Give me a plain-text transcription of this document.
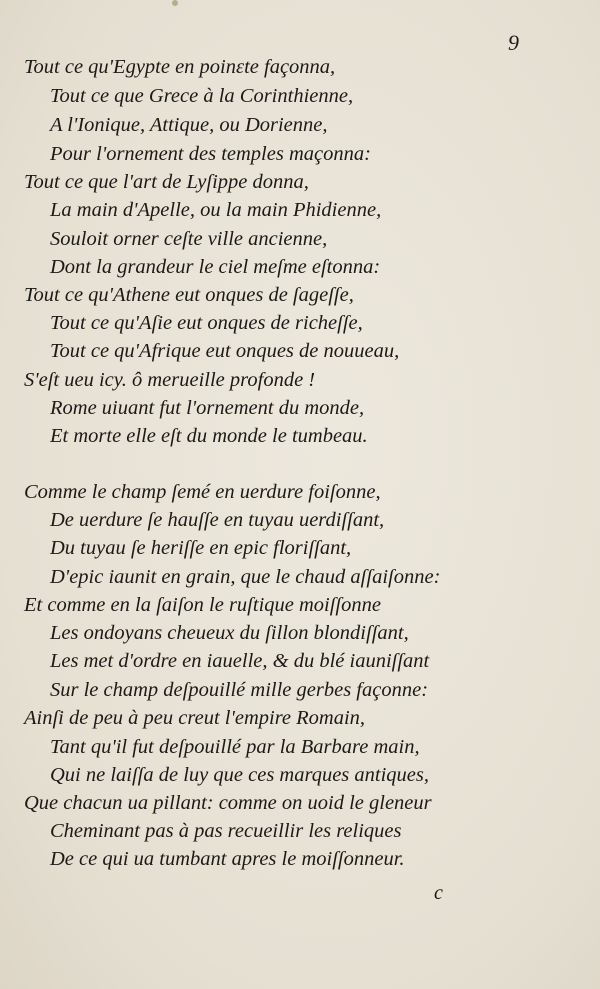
9
Tout ce qu'Egypte en poinɛte façonna,
Tout ce que Grece à la Corinthienne,
A l'Ionique, Attique, ou Dorienne,
Pour l'ornement des temples maçonna:
Tout ce que l'art de Lyſippe donna,
La main d'Apelle, ou la main Phidienne,
Souloit orner ceſte ville ancienne,
Dont la grandeur le ciel meſme eſtonna:
Tout ce qu'Athene eut onques de ſageſſe,
Tout ce qu'Aſie eut onques de richeſſe,
Tout ce qu'Afrique eut onques de nouueau,
S'eſt ueu icy. ô merueille profonde !
Rome uiuant fut l'ornement du monde,
Et morte elle eſt du monde le tumbeau.
Comme le champ ſemé en uerdure foiſonne,
De uerdure ſe hauſſe en tuyau uerdiſſant,
Du tuyau ſe heriſſe en epic floriſſant,
D'epic iaunit en grain, que le chaud aſſaiſonne:
Et comme en la ſaiſon le ruſtique moiſſonne
Les ondoyans cheueux du ſillon blondiſſant,
Les met d'ordre en iauelle, & du blé iauniſſant
Sur le champ deſpouillé mille gerbes façonne:
Ainſi de peu à peu creut l'empire Romain,
Tant qu'il fut deſpouillé par la Barbare main,
Qui ne laiſſa de luy que ces marques antiques,
Que chacun ua pillant: comme on uoid le gleneur
Cheminant pas à pas recueillir les reliques
De ce qui ua tumbant apres le moiſſonneur.
c
